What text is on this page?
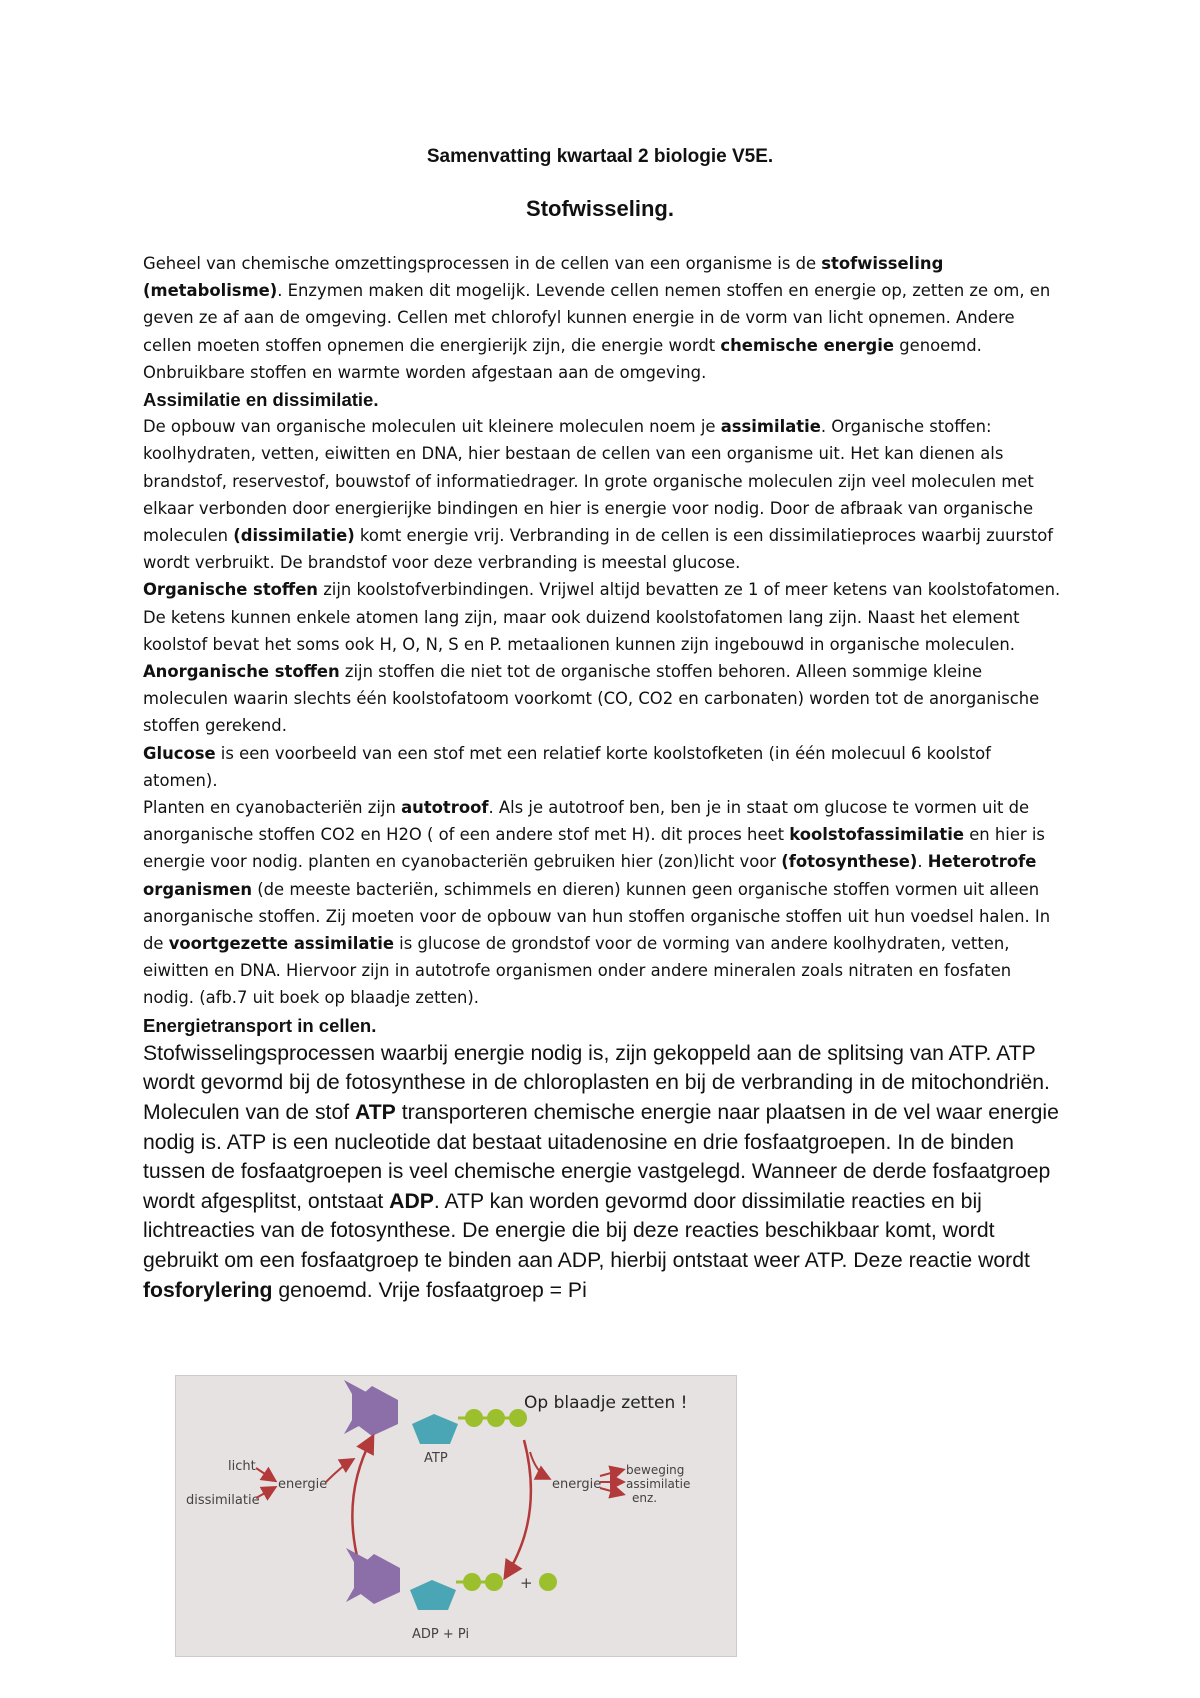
Samenvatting kwartaal 2 biologie V5E.
Stofwisseling.

Geheel van chemische omzettingsprocessen in de cellen van een organisme is de stofwisseling (metabolisme). Enzymen maken dit mogelijk. Levende cellen nemen stoffen en energie op, zetten ze om, en geven ze af aan de omgeving. Cellen met chlorofyl kunnen energie in de vorm van licht opnemen. Andere cellen moeten stoffen opnemen die energierijk zijn, die energie wordt chemische energie genoemd. Onbruikbare stoffen en warmte worden afgestaan aan de omgeving.

Assimilatie en dissimilatie.

De opbouw van organische moleculen uit kleinere moleculen noem je assimilatie. Organische stoffen: koolhydraten, vetten, eiwitten en DNA, hier bestaan de cellen van een organisme uit. Het kan dienen als brandstof, reservestof, bouwstof of informatiedrager. In grote organische moleculen zijn veel moleculen met elkaar verbonden door energierijke bindingen en hier is energie voor nodig. Door de afbraak van organische moleculen (dissimilatie) komt energie vrij. Verbranding in de cellen is een dissimilatieproces waarbij zuurstof wordt verbruikt. De brandstof voor deze verbranding is meestal glucose.

Organische stoffen zijn koolstofverbindingen. Vrijwel altijd bevatten ze 1 of meer ketens van koolstofatomen. De ketens kunnen enkele atomen lang zijn, maar ook duizend koolstofatomen lang zijn. Naast het element koolstof bevat het soms ook H, O, N, S en P. metaalionen kunnen zijn ingebouwd in organische moleculen. Anorganische stoffen zijn stoffen die niet tot de organische stoffen behoren. Alleen sommige kleine moleculen waarin slechts één koolstofatoom voorkomt (CO, CO2 en carbonaten) worden tot de anorganische stoffen gerekend.

Glucose is een voorbeeld van een stof met een relatief korte koolstofketen (in één molecuul 6 koolstof atomen).

Planten en cyanobacteriën zijn autotroof. Als je autotroof ben, ben je in staat om glucose te vormen uit de anorganische stoffen CO2 en H2O ( of een andere stof met H). dit proces heet koolstofassimilatie en hier is energie voor nodig. planten en cyanobacteriën gebruiken hier (zon)licht voor (fotosynthese). Heterotrofe organismen (de meeste bacteriën, schimmels en dieren) kunnen geen organische stoffen vormen uit alleen anorganische stoffen. Zij moeten voor de opbouw van hun stoffen organische stoffen uit hun voedsel halen. In de voortgezette assimilatie is glucose de grondstof voor de vorming van andere koolhydraten, vetten, eiwitten en DNA. Hiervoor zijn in autotrofe organismen onder andere mineralen zoals nitraten en fosfaten nodig. (afb.7 uit boek op blaadje zetten).

Energietransport in cellen.

Stofwisselingsprocessen waarbij energie nodig is, zijn gekoppeld aan de splitsing van ATP. ATP wordt gevormd bij de fotosynthese in de chloroplasten en bij de verbranding in de mitochondriën. Moleculen van de stof ATP transporteren chemische energie naar plaatsen in de vel waar energie nodig is. ATP is een nucleotide dat bestaat uitadenosine en drie fosfaatgroepen. In de binden tussen de fosfaatgroepen is veel chemische energie vastgelegd. Wanneer de derde fosfaatgroep wordt afgesplitst, ontstaat ADP. ATP kan worden gevormd door dissimilatie reacties en bij lichtreacties van de fotosynthese. De energie die bij deze reacties beschikbaar komt, wordt gebruikt om een fosfaatgroep te binden aan ADP, hierbij ontstaat weer ATP. Deze reactie wordt fosforylering genoemd. Vrije fosfaatgroep = Pi

ATP
Op blaadje zetten !
licht
dissimilatie
energie	energie
beweging
assimilatie
enz.
+
ADP + Pi
